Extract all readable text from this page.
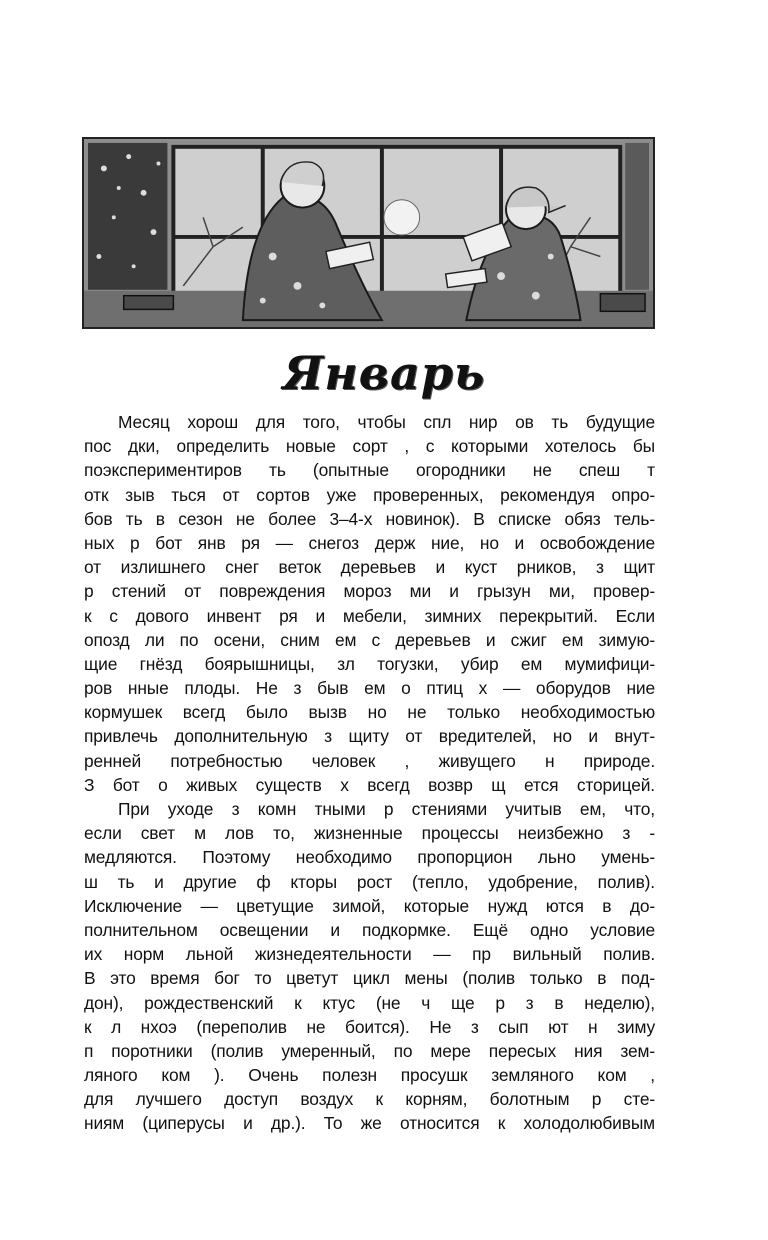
Январь
Месяц хорош для того, чтобы спл нир ов ть будущие
пос дки, определить новые сорт , с которыми хотелось бы
поэкспериментиров ть (опытные огородники не спеш т
отк зыв ться от сортов уже проверенных, рекомендуя опро-
бов ть в сезон не более 3–4-х новинок). В списке обяз тель-
ных р бот янв ря — снегоз держ ние, но и освобождение
от излишнего снег веток деревьев и куст рников, з щит
р стений от повреждения мороз ми и грызун ми, провер-
к с дового инвент ря и мебели, зимних перекрытий. Если
опозд ли по осени, сним ем с деревьев и сжиг ем зимую-
щие гнёзд боярышницы, зл тогузки, убир ем мумифици-
ров нные плоды. Не з быв ем о птиц х — оборудов ние
кормушек всегд было вызв но не только необходимостью
привлечь дополнительную з щиту от вредителей, но и внут-
ренней потребностью человек , живущего н природе.
З бот о живых существ х всегд возвр щ ется сторицей.
При уходе з комн тными р стениями учитыв ем, что,
если свет м лов то, жизненные процессы неизбежно з -
медляются. Поэтому необходимо пропорцион льно умень-
ш ть и другие ф кторы рост (тепло, удобрение, полив).
Исключение — цветущие зимой, которые нужд ются в до-
полнительном освещении и подкормке. Ещё одно условие
их норм льной жизнедеятельности — пр вильный полив.
В это время бог то цветут цикл мены (полив только в под-
дон), рождественский к ктус (не ч ще р з в неделю),
к л нхоэ (переполив не боится). Не з сып ют н зиму
п поротники (полив умеренный, по мере пересых ния зем-
ляного ком ). Очень полезн просушк земляного ком ,
для лучшего доступ воздух к корням, болотным р сте-
ниям (циперусы и др.). То же относится к холодолюбивым
